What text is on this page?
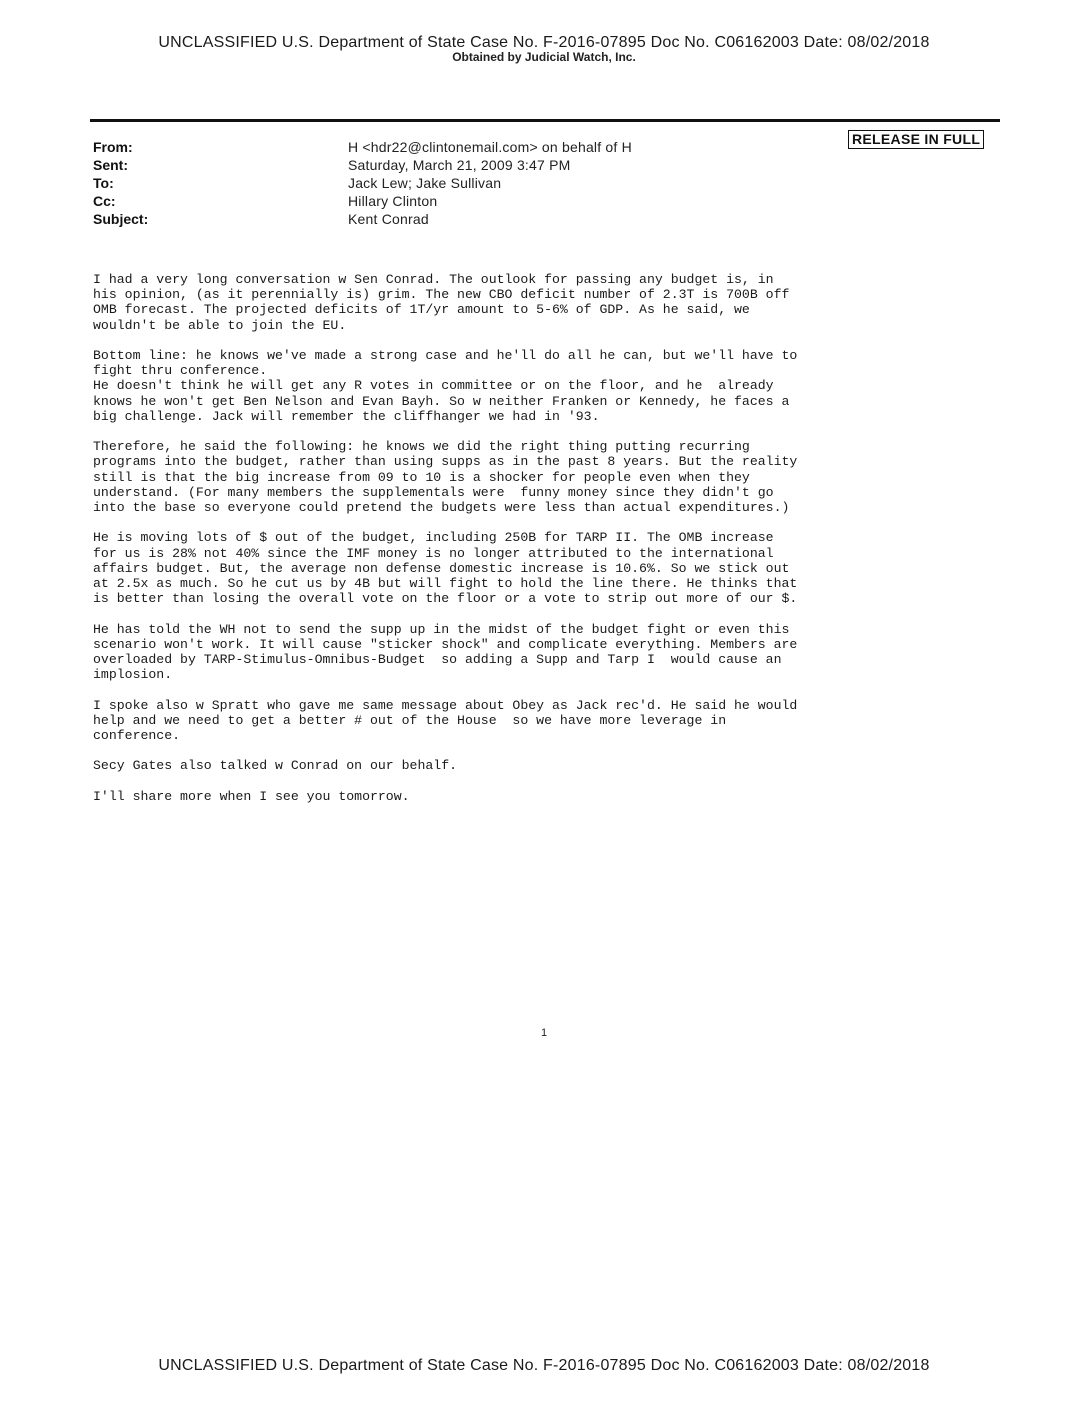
UNCLASSIFIED U.S. Department of State Case No. F-2016-07895 Doc No. C06162003 Date: 08/02/2018
Obtained by Judicial Watch, Inc.
RELEASE IN FULL
From:	H <hdr22@clintonemail.com> on behalf of H
Sent:	Saturday, March 21, 2009 3:47 PM
To:	Jack Lew; Jake Sullivan
Cc:	Hillary Clinton
Subject:	Kent Conrad

I had a very long conversation w Sen Conrad. The outlook for passing any budget is, in
his opinion, (as it perennially is) grim. The new CBO deficit number of 2.3T is 700B off
OMB forecast. The projected deficits of 1T/yr amount to 5-6% of GDP. As he said, we
wouldn't be able to join the EU.

Bottom line: he knows we've made a strong case and he'll do all he can, but we'll have to
fight thru conference.
He doesn't think he will get any R votes in committee or on the floor, and he  already
knows he won't get Ben Nelson and Evan Bayh. So w neither Franken or Kennedy, he faces a
big challenge. Jack will remember the cliffhanger we had in '93.

Therefore, he said the following: he knows we did the right thing putting recurring
programs into the budget, rather than using supps as in the past 8 years. But the reality
still is that the big increase from 09 to 10 is a shocker for people even when they
understand. (For many members the supplementals were  funny money since they didn't go
into the base so everyone could pretend the budgets were less than actual expenditures.)

He is moving lots of $ out of the budget, including 250B for TARP II. The OMB increase
for us is 28% not 40% since the IMF money is no longer attributed to the international
affairs budget. But, the average non defense domestic increase is 10.6%. So we stick out
at 2.5x as much. So he cut us by 4B but will fight to hold the line there. He thinks that
is better than losing the overall vote on the floor or a vote to strip out more of our $.

He has told the WH not to send the supp up in the midst of the budget fight or even this
scenario won't work. It will cause "sticker shock" and complicate everything. Members are
overloaded by TARP-Stimulus-Omnibus-Budget  so adding a Supp and Tarp I  would cause an
implosion.

I spoke also w Spratt who gave me same message about Obey as Jack rec'd. He said he would
help and we need to get a better # out of the House  so we have more leverage in
conference.

Secy Gates also talked w Conrad on our behalf.

I'll share more when I see you tomorrow.

1
UNCLASSIFIED U.S. Department of State Case No. F-2016-07895 Doc No. C06162003 Date: 08/02/2018
